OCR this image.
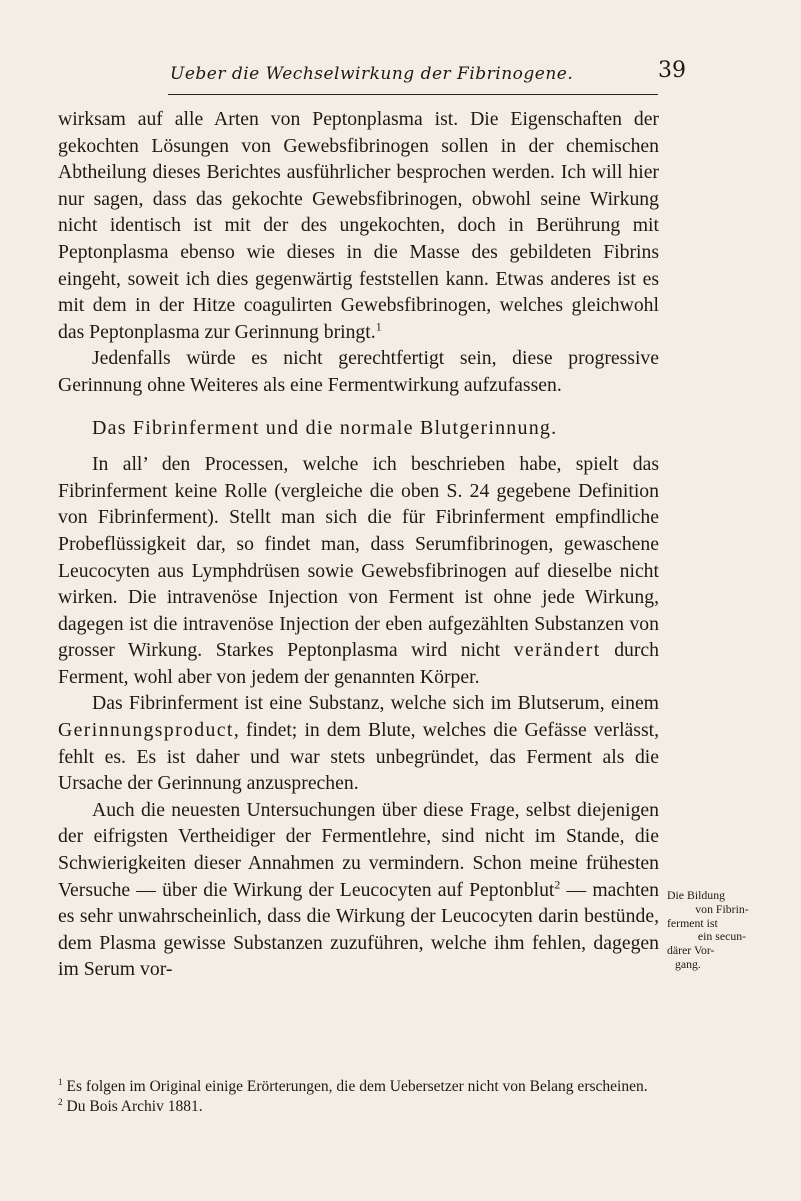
Ueber die Wechselwirkung der Fibrinogene.	39

wirksam auf alle Arten von Peptonplasma ist. Die Eigenschaften der gekochten Lösungen von Gewebsfibrinogen sollen in der chemischen Abtheilung dieses Berichtes ausführlicher besprochen werden. Ich will hier nur sagen, dass das gekochte Gewebsfibrinogen, obwohl seine Wirkung nicht identisch ist mit der des ungekochten, doch in Berührung mit Peptonplasma ebenso wie dieses in die Masse des gebildeten Fibrins eingeht, soweit ich dies gegenwärtig feststellen kann. Etwas anderes ist es mit dem in der Hitze coagulirten Gewebsfibrinogen, welches gleichwohl das Peptonplasma zur Gerinnung bringt.$^1$

Jedenfalls würde es nicht gerechtfertigt sein, diese progressive Gerinnung ohne Weiteres als eine Fermentwirkung aufzufassen.

Das Fibrinferment und die normale Blutgerinnung.

In all’ den Processen, welche ich beschrieben habe, spielt das Fibrinferment keine Rolle (vergleiche die oben S. 24 gegebene Definition von Fibrinferment). Stellt man sich die für Fibrinferment empfindliche Probeflüssigkeit dar, so findet man, dass Serumfibrinogen, gewaschene Leucocyten aus Lymphdrüsen sowie Gewebsfibrinogen auf dieselbe nicht wirken. Die intravenöse Injection von Ferment ist ohne jede Wirkung, dagegen ist die intravenöse Injection der eben aufgezählten Substanzen von grosser Wirkung. Starkes Peptonplasma wird nicht verändert durch Ferment, wohl aber von jedem der genannten Körper.

Das Fibrinferment ist eine Substanz, welche sich im Blutserum, einem Gerinnungsproduct, findet; in dem Blute, welches die Gefässe verlässt, fehlt es. Es ist daher und war stets unbegründet, das Ferment als die Ursache der Gerinnung anzusprechen.

Auch die neuesten Untersuchungen über diese Frage, selbst diejenigen der eifrigsten Vertheidiger der Fermentlehre, sind nicht im Stande, die Schwierigkeiten dieser Annahmen zu vermindern. Schon meine frühesten Versuche — über die Wirkung der Leucocyten auf Peptonblut$^2$ — machten es sehr unwahrscheinlich, dass die Wirkung der Leucocyten darin bestünde, dem Plasma gewisse Substanzen zuzuführen, welche ihm fehlen, dagegen im Serum vor-

Die Bildung
von Fibrin-
ferment ist
ein secun-
därer Vor-
gang.

$^1$ Es folgen im Original einige Erörterungen, die dem Uebersetzer nicht von Belang erscheinen.

$^2$ Du Bois Archiv 1881.
